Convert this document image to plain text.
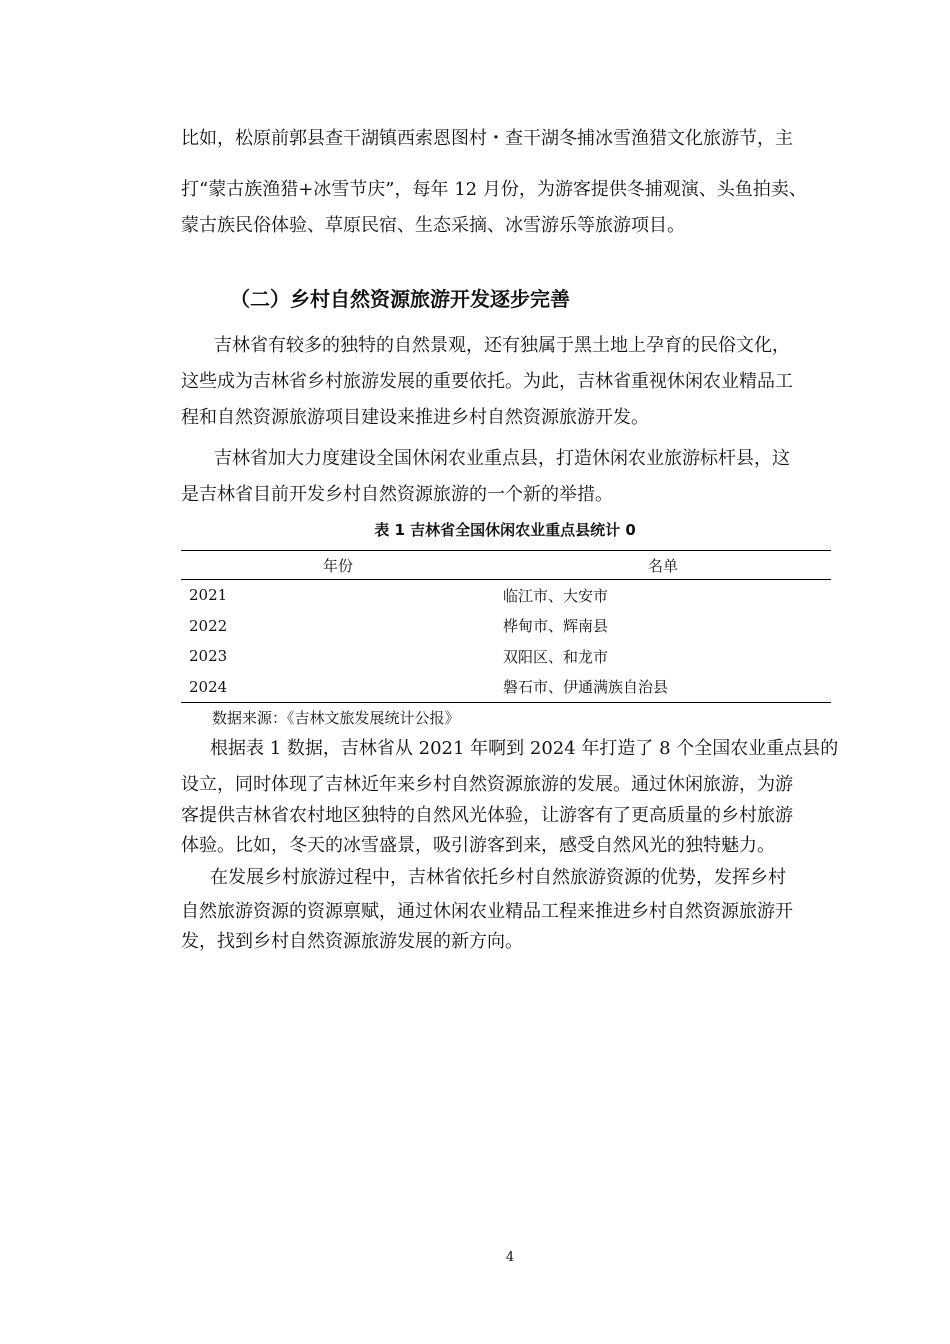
比如，松原前郭县查干湖镇西索恩图村・查干湖冬捕冰雪渔猎文化旅游节，主
打“蒙古族渔猎+冰雪节庆”，每年 12 月份，为游客提供冬捕观演、头鱼拍卖、
蒙古族民俗体验、草原民宿、生态采摘、冰雪游乐等旅游项目。
（二）乡村自然资源旅游开发逐步完善
吉林省有较多的独特的自然景观，还有独属于黑土地上孕育的民俗文化，
这些成为吉林省乡村旅游发展的重要依托。为此，吉林省重视休闲农业精品工
程和自然资源旅游项目建设来推进乡村自然资源旅游开发。
吉林省加大力度建设全国休闲农业重点县，打造休闲农业旅游标杆县，这
是吉林省目前开发乡村自然资源旅游的一个新的举措。
表 1 吉林省全国休闲农业重点县统计 0
年份	名单
2021	临江市、大安市
2022	桦甸市、辉南县
2023	双阳区、和龙市
2024	磐石市、伊通满族自治县
数据来源：《吉林文旅发展统计公报》
根据表 1 数据，吉林省从 2021 年啊到 2024 年打造了 8 个全国农业重点县的
设立，同时体现了吉林近年来乡村自然资源旅游的发展。通过休闲旅游，为游
客提供吉林省农村地区独特的自然风光体验，让游客有了更高质量的乡村旅游
体验。比如，冬天的冰雪盛景，吸引游客到来，感受自然风光的独特魅力。
在发展乡村旅游过程中，吉林省依托乡村自然旅游资源的优势，发挥乡村
自然旅游资源的资源禀赋，通过休闲农业精品工程来推进乡村自然资源旅游开
发，找到乡村自然资源旅游发展的新方向。
4
